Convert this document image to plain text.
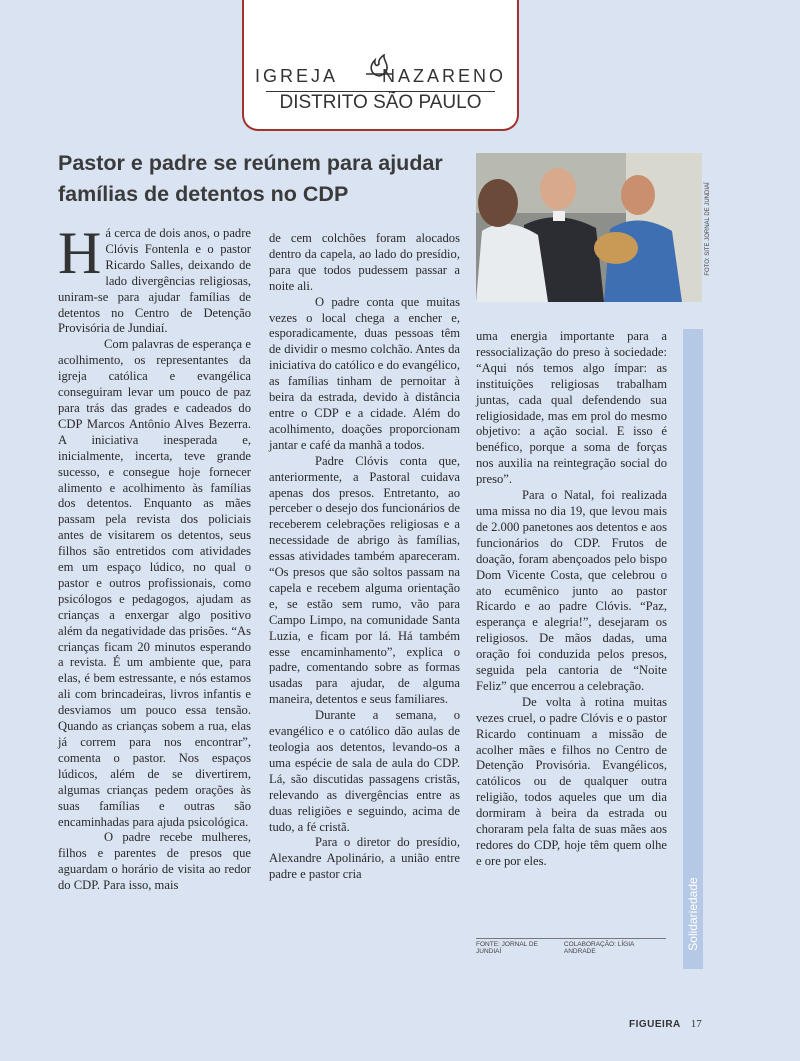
IGREJA NAZARENO
DISTRITO SÃO PAULO
Pastor e padre se reúnem para ajudar famílias de detentos no CDP	FOTO: SITE JORNAL DE JUNDIAÍ

Há cerca de dois anos, o padre Clóvis Fontenla e o pastor Ricardo Salles, deixando de lado divergências religiosas, uniram-se para ajudar famílias de detentos no Centro de Detenção Provisória de Jundiaí.

Com palavras de esperança e acolhimento, os representantes da igreja católica e evangélica conseguiram levar um pouco de paz para trás das grades e cadeados do CDP Marcos Antônio Alves Bezerra. A iniciativa inesperada e, inicialmente, incerta, teve grande sucesso, e consegue hoje fornecer alimento e acolhimento às famílias dos detentos. Enquanto as mães passam pela revista dos policiais antes de visitarem os detentos, seus filhos são entretidos com atividades em um espaço lúdico, no qual o pastor e outros profissionais, como psicólogos e pedagogos, ajudam as crianças a enxergar algo positivo além da negatividade das prisões. “As crianças ficam 20 minutos esperando a revista. É um ambiente que, para elas, é bem estressante, e nós estamos ali com brincadeiras, livros infantis e desviamos um pouco essa tensão. Quando as crianças sobem a rua, elas já correm para nos encontrar”, comenta o pastor. Nos espaços lúdicos, além de se divertirem, algumas crianças pedem orações às suas famílias e outras são encaminhadas para ajuda psicológica.

O padre recebe mulheres, filhos e parentes de presos que aguardam o horário de visita ao redor do CDP. Para isso, mais

de cem colchões foram alocados dentro da capela, ao lado do presídio, para que todos pudessem passar a noite ali.

O padre conta que muitas vezes o local chega a encher e, esporadicamente, duas pessoas têm de dividir o mesmo colchão. Antes da iniciativa do católico e do evangélico, as famílias tinham de pernoitar à beira da estrada, devido à distância entre o CDP e a cidade. Além do acolhimento, doações proporcionam jantar e café da manhã a todos.

Padre Clóvis conta que, anteriormente, a Pastoral cuidava apenas dos presos. Entretanto, ao perceber o desejo dos funcionários de receberem celebrações religiosas e a necessidade de abrigo às famílias, essas atividades também apareceram. “Os presos que são soltos passam na capela e recebem alguma orientação e, se estão sem rumo, vão para Campo Limpo, na comunidade Santa Luzia, e ficam por lá. Há também esse encaminhamento”, explica o padre, comentando sobre as formas usadas para ajudar, de alguma maneira, detentos e seus familiares.

Durante a semana, o evangélico e o católico dão aulas de teologia aos detentos, levando-os a uma espécie de sala de aula do CDP. Lá, são discutidas passagens cristãs, relevando as divergências entre as duas religiões e seguindo, acima de tudo, a fé cristã.

Para o diretor do presídio, Alexandre Apolinário, a união entre padre e pastor cria

uma energia importante para a ressocialização do preso à sociedade: “Aqui nós temos algo ímpar: as instituições religiosas trabalham juntas, cada qual defendendo sua religiosidade, mas em prol do mesmo objetivo: a ação social. E isso é benéfico, porque a soma de forças nos auxilia na reintegração social do preso”.

Para o Natal, foi realizada uma missa no dia 19, que levou mais de 2.000 panetones aos detentos e aos funcionários do CDP. Frutos de doação, foram abençoados pelo bispo Dom Vicente Costa, que celebrou o ato ecumênico junto ao pastor Ricardo e ao padre Clóvis. “Paz, esperança e alegria!”, desejaram os religiosos. De mãos dadas, uma oração foi conduzida pelos presos, seguida pela cantoria de “Noite Feliz” que encerrou a celebração.

De volta à rotina muitas vezes cruel, o padre Clóvis e o pastor Ricardo continuam a missão de acolher mães e filhos no Centro de Detenção Provisória. Evangélicos, católicos ou de qualquer outra religião, todos aqueles que um dia dormiram à beira da estrada ou choraram pela falta de suas mães aos redores do CDP, hoje têm quem olhe e ore por eles.

FONTE: JORNAL DE JUNDIAÍ
COLABORAÇÃO: LÍGIA ANDRADE
Solidariedade
FIGUEIRA 17
